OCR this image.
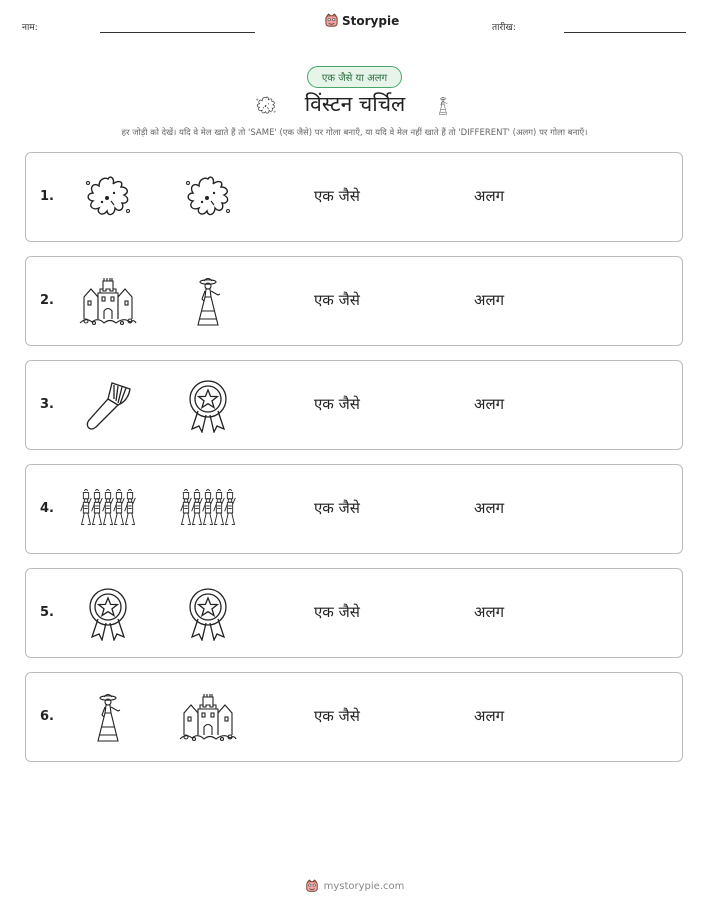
नाम:
Storypie
तारीख:
एक जैसे या अलग
विंस्टन चर्चिल
हर जोड़ी को देखें। यदि वे मेल खाते हैं तो 'SAME' (एक जैसे) पर गोला बनाएँ, या यदि वे मेल नहीं खाते हैं तो 'DIFFERENT' (अलग) पर गोला बनाएँ।
1.	एक जैसे	अलग
2.	एक जैसे	अलग
3.	एक जैसे	अलग
4.	एक जैसे	अलग
5.	एक जैसे	अलग
6.	एक जैसे	अलग
mystorypie.com
